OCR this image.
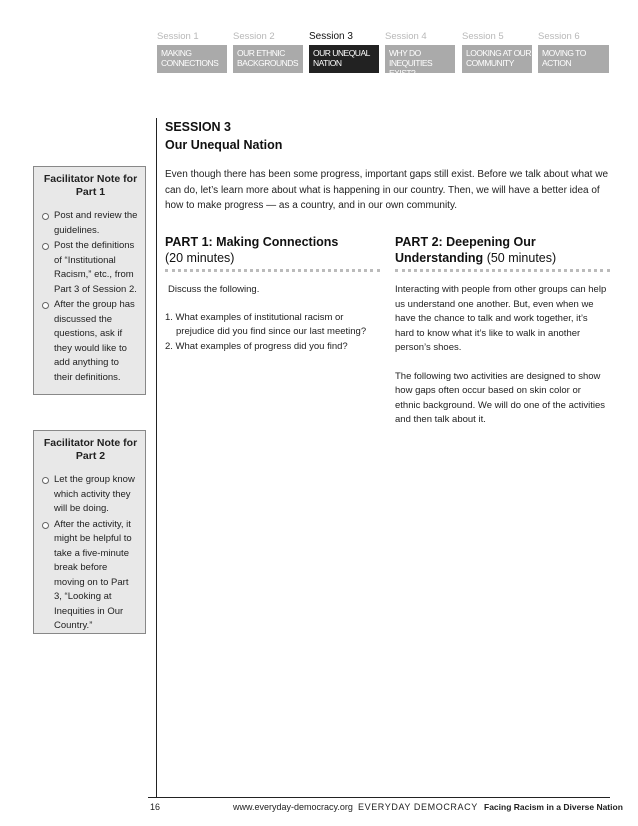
Session 1
MAKING CONNECTIONS
Session 2
OUR ETHNIC BACKGROUNDS
Session 3
OUR UNEQUAL NATION
Session 4
WHY DO INEQUITIES EXIST?
Session 5
LOOKING AT OUR COMMUNITY
Session 6
MOVING TO ACTION
SESSION 3
Our Unequal Nation
Even though there has been some progress, important gaps still exist. Before we talk about what we can do, let’s learn more about what is happening in our country. Then, we will have a better idea of how to make progress — as a country, and in our own community.
Facilitator Note for Part 1
Post and review the guidelines.
Post the definitions of “Institutional Racism,” etc., from Part 3 of Session 2.
After the group has discussed the questions, ask if they would like to add anything to their definitions.
Facilitator Note for Part 2
Let the group know which activity they will be doing.
After the activity, it might be helpful to take a five-minute break before moving on to Part 3, “Looking at Inequities in Our Country.”
PART 1: Making Connections
(20 minutes)

Discuss the following.

1. What examples of institutional racism or prejudice did you find since our last meeting?

2. What examples of progress did you find?

PART 2: Deepening Our Understanding (50 minutes)

Interacting with people from other groups can help us understand one another. But, even when we have the chance to talk and work together, it’s hard to know what it’s like to walk in another person’s shoes.

The following two activities are designed to show how gaps often occur based on skin color or ethnic background. We will do one of the activities and then talk about it.

16	www.everyday-democracy.org EVERYDAY DEMOCRACY Facing Racism in a Diverse Nation
